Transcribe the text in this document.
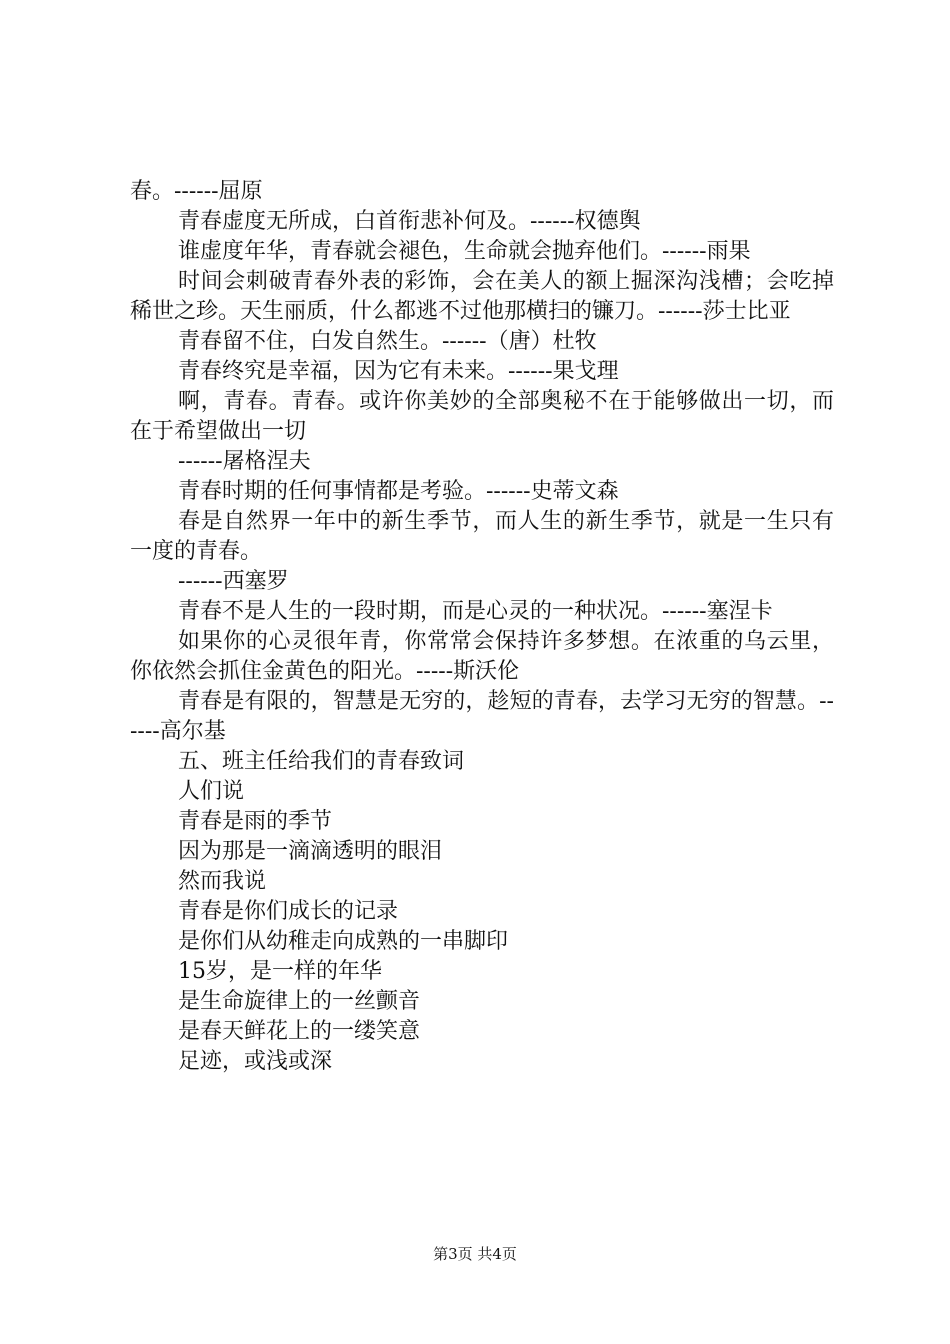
春。------屈原

青春虚度无所成，白首衔悲补何及。------权德舆

谁虚度年华，青春就会褪色，生命就会抛弃他们。------雨果

时间会刺破青春外表的彩饰，会在美人的额上掘深沟浅槽；会吃掉稀世之珍。天生丽质，什么都逃不过他那横扫的镰刀。------莎士比亚

青春留不住，白发自然生。------（唐）杜牧

青春终究是幸福，因为它有未来。------果戈理

啊，青春。青春。或许你美妙的全部奥秘不在于能够做出一切，而在于希望做出一切

------屠格涅夫

青春时期的任何事情都是考验。------史蒂文森

春是自然界一年中的新生季节，而人生的新生季节，就是一生只有一度的青春。

------西塞罗

青春不是人生的一段时期，而是心灵的一种状况。------塞涅卡

如果你的心灵很年青，你常常会保持许多梦想。在浓重的乌云里，你依然会抓住金黄色的阳光。-----斯沃伦

青春是有限的，智慧是无穷的，趁短的青春，去学习无穷的智慧。------高尔基

五、班主任给我们的青春致词

人们说

青春是雨的季节

因为那是一滴滴透明的眼泪

然而我说

青春是你们成长的记录

是你们从幼稚走向成熟的一串脚印

15岁，是一样的年华

是生命旋律上的一丝颤音

是春天鲜花上的一缕笑意

足迹，或浅或深

第3页 共4页
